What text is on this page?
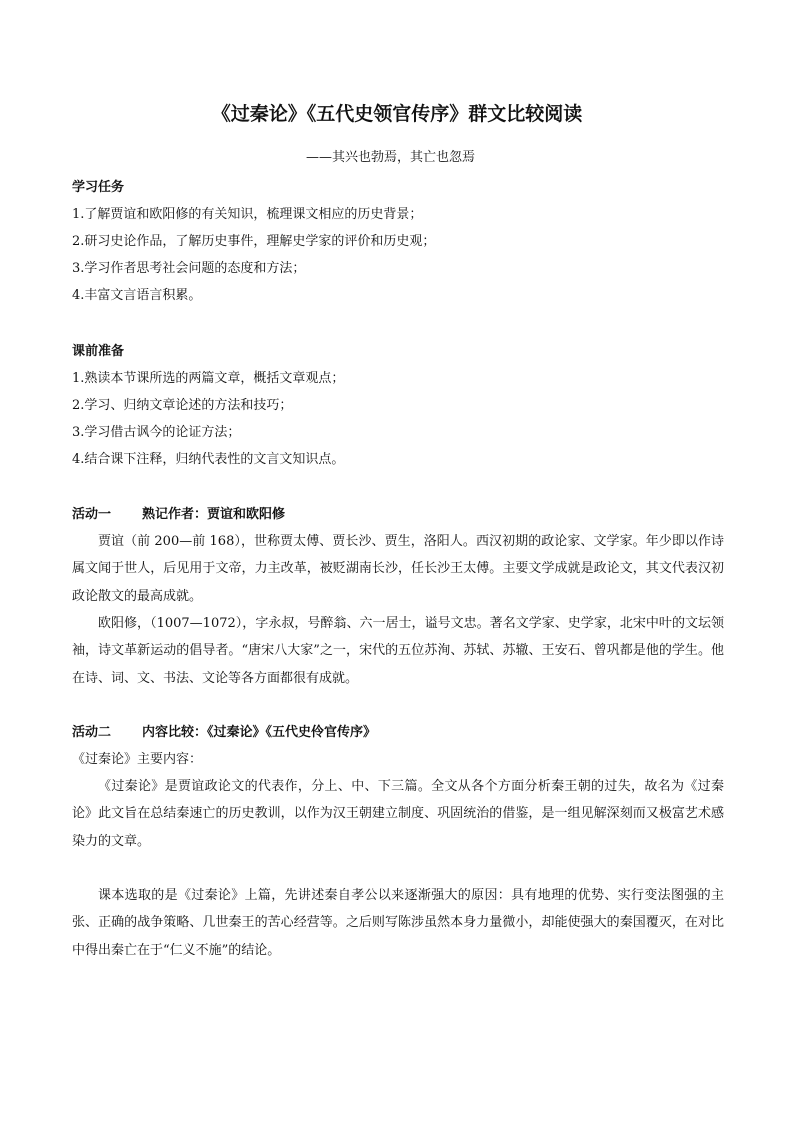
《过秦论》《五代史领官传序》群文比较阅读
——其兴也勃焉，其亡也忽焉
学习任务
1.了解贾谊和欧阳修的有关知识，梳理课文相应的历史背景；
2.研习史论作品，了解历史事件，理解史学家的评价和历史观；
3.学习作者思考社会问题的态度和方法；
4.丰富文言语言积累。
课前准备
1.熟读本节课所选的两篇文章，概括文章观点；
2.学习、归纳文章论述的方法和技巧；
3.学习借古讽今的论证方法；
4.结合课下注释，归纳代表性的文言文知识点。
活动一 熟记作者：贾谊和欧阳修
贾谊（前 200—前 168），世称贾太傅、贾长沙、贾生，洛阳人。西汉初期的政论家、文学家。年少即以作诗属文闻于世人，后见用于文帝，力主改革，被贬湖南长沙，任长沙王太傅。主要文学成就是政论文，其文代表汉初政论散文的最高成就。
欧阳修，（1007—1072），字永叔，号醉翁、六一居士，谥号文忠。著名文学家、史学家，北宋中叶的文坛领袖，诗文革新运动的倡导者。“唐宋八大家”之一，宋代的五位苏洵、苏轼、苏辙、王安石、曾巩都是他的学生。他在诗、词、文、书法、文论等各方面都很有成就。
活动二 内容比较：《过秦论》《五代史伶官传序》
《过秦论》主要内容：
《过秦论》是贾谊政论文的代表作，分上、中、下三篇。全文从各个方面分析秦王朝的过失，故名为《过秦论》此文旨在总结秦速亡的历史教训，以作为汉王朝建立制度、巩固统治的借鉴，是一组见解深刻而又极富艺术感染力的文章。
课本选取的是《过秦论》上篇，先讲述秦自孝公以来逐渐强大的原因：具有地理的优势、实行变法图强的主张、正确的战争策略、几世秦王的苦心经营等。之后则写陈涉虽然本身力量微小，却能使强大的秦国覆灭，在对比中得出秦亡在于“仁义不施”的结论。
